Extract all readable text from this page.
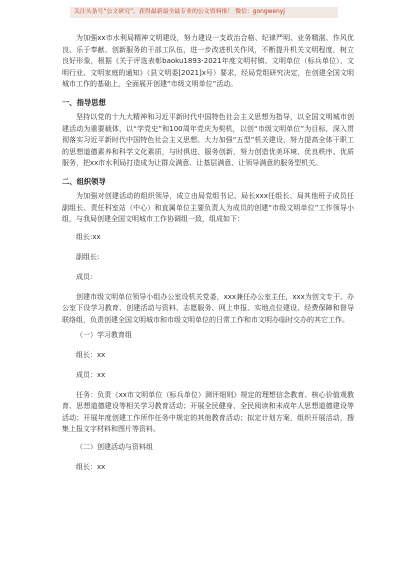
关注头条号“公文研究”，获得最新最全最专业的公文资料推！ 微信：gongwenyj

为加强xx市水利局精神文明建设，努力建设一支政治合格、纪律严明、业务精湛、作风优良、乐于奉献、创新服务的干部工队伍，进一步改进机关作风，不断提升机关文明程度，树立良好形象，根据《关于评选表彰baoku1893-2021年度文明村镇、文明单位（标兵单位）、文明行业、文明家庭的通知》（县文明委[2021]x号）要求，经局党组研究决定，在创建全国文明城市工作的基础上，全面展开创建“市级文明单位”活动。

一、指导思想

坚持以党的十九大精神和习近平新时代中国特色社会主义思想为指导，以全国文明城市创建活动为重要载体，以“学党史”和100周年党庆为契机，以创“市级文明单位”为目标，深入贯彻落实习近平新时代中国特色社会主义思想。大力加强“五型”机关建设，努力提高全体干职工的思想道德素养和科学文化素质，与时俱进、服务创新，努力创造优美环境、优良秩序、优质服务，把xx市水利局打造成为让群众满意、让基层满意、让领导满意的服务型机关。

二、组织领导

为加强对创建活动的组织领导，成立由局党组书记、局长xxx任组长、局其他班子成员任副组长、责任科室站（中心）和直属单位主要负责人为成员的创建“市级文明单位”工作领导小组，与我局创建全国文明城市工作协调组一致，组成如下：

组长:xx

副组长:

成员:

创建市级文明单位领导小组办公室设机关党委，xxx兼任办公室主任，xxx为创文专干。办公室下设学习教育、创建活动与资料、志愿服务、网上申报、实地点位建设、经费保障和督导联络组，负责创建全国文明城市和市级文明单位的日常工作和市文明办临时交办的其它工作。

（一）学习教育组

组长：xx

成员：xx

任务：负责《xx市文明单位（标兵单位）测评细则》规定的理想信念教育、核心价值观教育、思想道德建设等相关学习教育活动；开展全民健身、全民阅读和未成年人思想道德建设等活动；开展年度创建工作所作任务中规定的其他教育活动；拟定计划方案，组织开展活动，搜集上报文字材料和图片等资料。

（二）创建活动与资料组

组长：xx
